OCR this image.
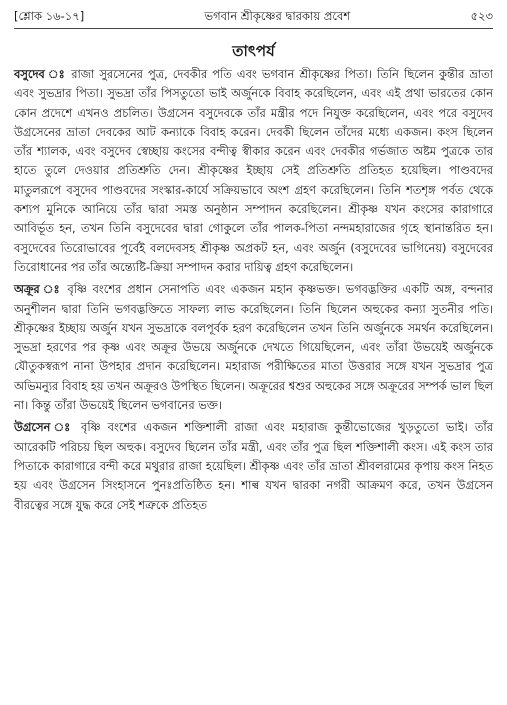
[শ্লোক ১৬-১৭]	ভগবান শ্রীকৃষ্ণের দ্বারকায় প্রবেশ	৫২৩
তাৎপর্য

বসুদেব ঃ রাজা সুরসেনের পুত্র, দেবকীর পতি এবং ভগবান শ্রীকৃষ্ণের পিতা। তিনি ছিলেন কুন্তীর ভ্রাতা এবং সুভদ্রার পিতা। সুভদ্রা তাঁর পিসতুতো ভাই অর্জুনকে বিবাহ করেছিলেন, এবং এই প্রথা ভারতের কোন কোন প্রদেশে এখনও প্রচলিত। উগ্রসেন বসুদেবকে তাঁর মন্ত্রীর পদে নিযুক্ত করেছিলেন, এবং পরে বসুদেব উগ্রসেনের ভ্রাতা দেবকের আট কন্যাকে বিবাহ করেন। দেবকী ছিলেন তাঁদের মধ্যে একজন। কংস ছিলেন তাঁর শ্যালক, এবং বসুদেব স্বেচ্ছায় কংসের বন্দীত্ব স্বীকার করেন এবং দেবকীর গর্ভজাত অষ্টম পুত্রকে তার হাতে তুলে দেওয়ার প্রতিশ্রুতি দেন। শ্রীকৃষ্ণের ইচ্ছায় সেই প্রতিশ্রুতি প্রতিহত হয়েছিল। পাণ্ডবদের মাতুলরূপে বসুদেব পাণ্ডবদের সংস্কার-কার্যে সক্রিয়ভাবে অংশ গ্রহণ করেছিলেন। তিনি শতশৃঙ্গ পর্বত থেকে কশ্যপ মুনিকে আনিয়ে তাঁর দ্বারা সমস্ত অনুষ্ঠান সম্পাদন করেছিলেন। শ্রীকৃষ্ণ যখন কংসের কারাগারে আবির্ভূত হন, তখন তিনি বসুদেবের দ্বারা গোকুলে তাঁর পালক-পিতা নন্দমহারাজের গৃহে স্থানান্তরিত হন। বসুদেবের তিরোভাবের পূর্বেই বলদেবসহ শ্রীকৃষ্ণ অপ্রকট হন, এবং অর্জুন (বসুদেবের ভাগিনেয়) বসুদেবের তিরোধানের পর তাঁর অন্ত্যেষ্টি-ক্রিয়া সম্পাদন করার দায়িত্ব গ্রহণ করেছিলেন।

অক্রূর ঃ বৃষ্ণি বংশের প্রধান সেনাপতি এবং একজন মহান কৃষ্ণভক্ত। ভগবদ্ভক্তির একটি অঙ্গ, বন্দনার অনুশীলন দ্বারা তিনি ভগবদ্ভক্তিতে সাফল্য লাভ করেছিলেন। তিনি ছিলেন অহুকের কন্যা সুতনীর পতি। শ্রীকৃষ্ণের ইচ্ছায় অর্জুন যখন সুভদ্রাকে বলপূর্বক হরণ করেছিলেন তখন তিনি অর্জুনকে সমর্থন করেছিলেন। সুভদ্রা হরণের পর কৃষ্ণ এবং অক্রূর উভয়ে অর্জুনকে দেখতে গিয়েছিলেন, এবং তাঁরা উভয়েই অর্জুনকে যৌতুকস্বরূপ নানা উপহার প্রদান করেছিলেন। মহারাজ পরীক্ষিতের মাতা উত্তরার সঙ্গে যখন সুভদ্রার পুত্র অভিমন্যুর বিবাহ হয় তখন অক্রূরও উপস্থিত ছিলেন। অক্রূরের শ্বশুর অহুকের সঙ্গে অক্রূরের সম্পর্ক ভাল ছিল না। কিন্তু তাঁরা উভয়েই ছিলেন ভগবানের ভক্ত।

উগ্রসেন ঃ বৃষ্ণি বংশের একজন শক্তিশালী রাজা এবং মহারাজ কুন্তীভোজের খুড়তুতো ভাই। তাঁর আরেকটি পরিচয় ছিল অহুক। বসুদেব ছিলেন তাঁর মন্ত্রী, এবং তাঁর পুত্র ছিল শক্তিশালী কংস। এই কংস তার পিতাকে কারাগারে বন্দী করে মথুরার রাজা হয়েছিল। শ্রীকৃষ্ণ এবং তাঁর ভ্রাতা শ্রীবলরামের কৃপায় কংস নিহত হয় এবং উগ্রসেন সিংহাসনে পুনঃপ্রতিষ্ঠিত হন। শাল্ব যখন দ্বারকা নগরী আক্রমণ করে, তখন উগ্রসেন বীরত্বের সঙ্গে যুদ্ধ করে সেই শত্রুকে প্রতিহত
